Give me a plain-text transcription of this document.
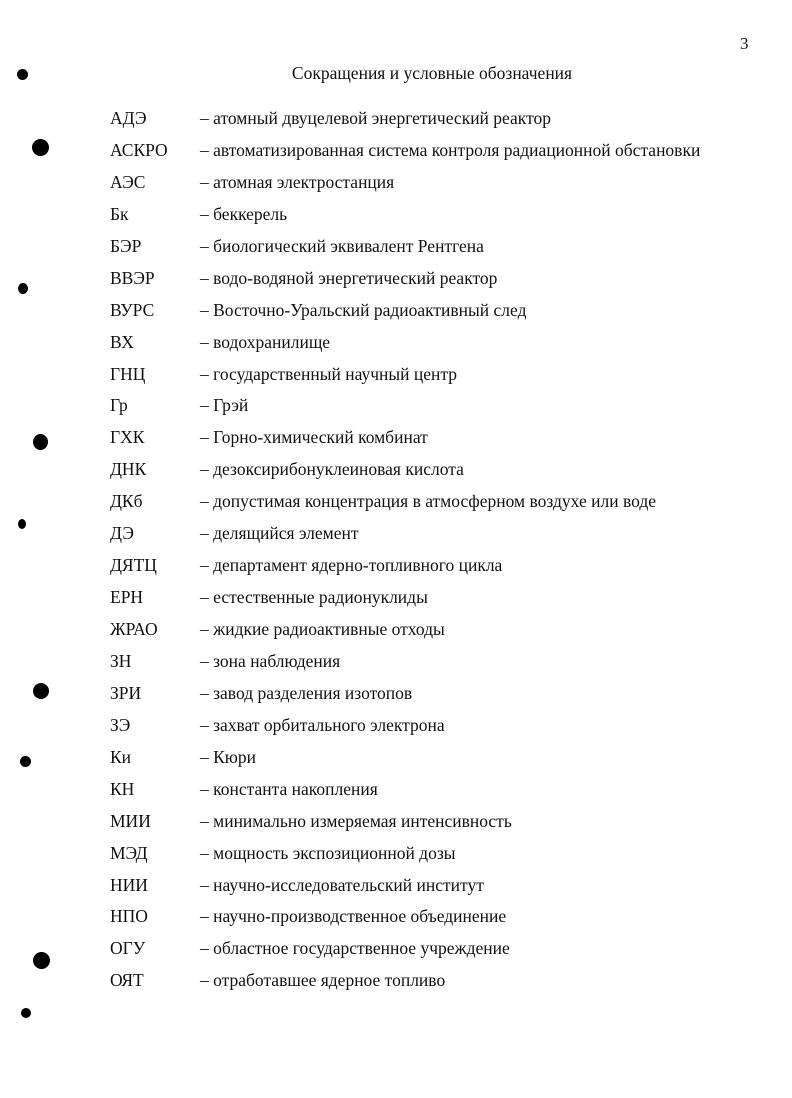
3
Сокращения и условные обозначения
АДЭ	– атомный двуцелевой энергетический реактор
АСКРО – автоматизированная система контроля радиационной обстановки
АЭС	– атомная электростанция
Бк	– беккерель
БЭР	– биологический эквивалент Рентгена
ВВЭР	– водо-водяной энергетический реактор
ВУРС	– Восточно-Уральский радиоактивный след
ВХ	– водохранилище
ГНЦ	– государственный научный центр
Гр	– Грэй
ГХК	– Горно-химический комбинат
ДНК	– дезоксирибонуклеиновая кислота
ДКб	– допустимая концентрация в атмосферном воздухе или воде
ДЭ	– делящийся элемент
ДЯТЦ – департамент ядерно-топливного цикла
ЕРН	– естественные радионуклиды
ЖРАО – жидкие радиоактивные отходы
ЗН	– зона наблюдения
ЗРИ	– завод разделения изотопов
ЗЭ	– захват орбитального электрона
Ки	– Кюри
КН	– константа накопления
МИИ	– минимально измеряемая интенсивность
МЭД	– мощность экспозиционной дозы
НИИ	– научно-исследовательский институт
НПО	– научно-производственное объединение
ОГУ	– областное государственное учреждение
ОЯТ	– отработавшее ядерное топливо
